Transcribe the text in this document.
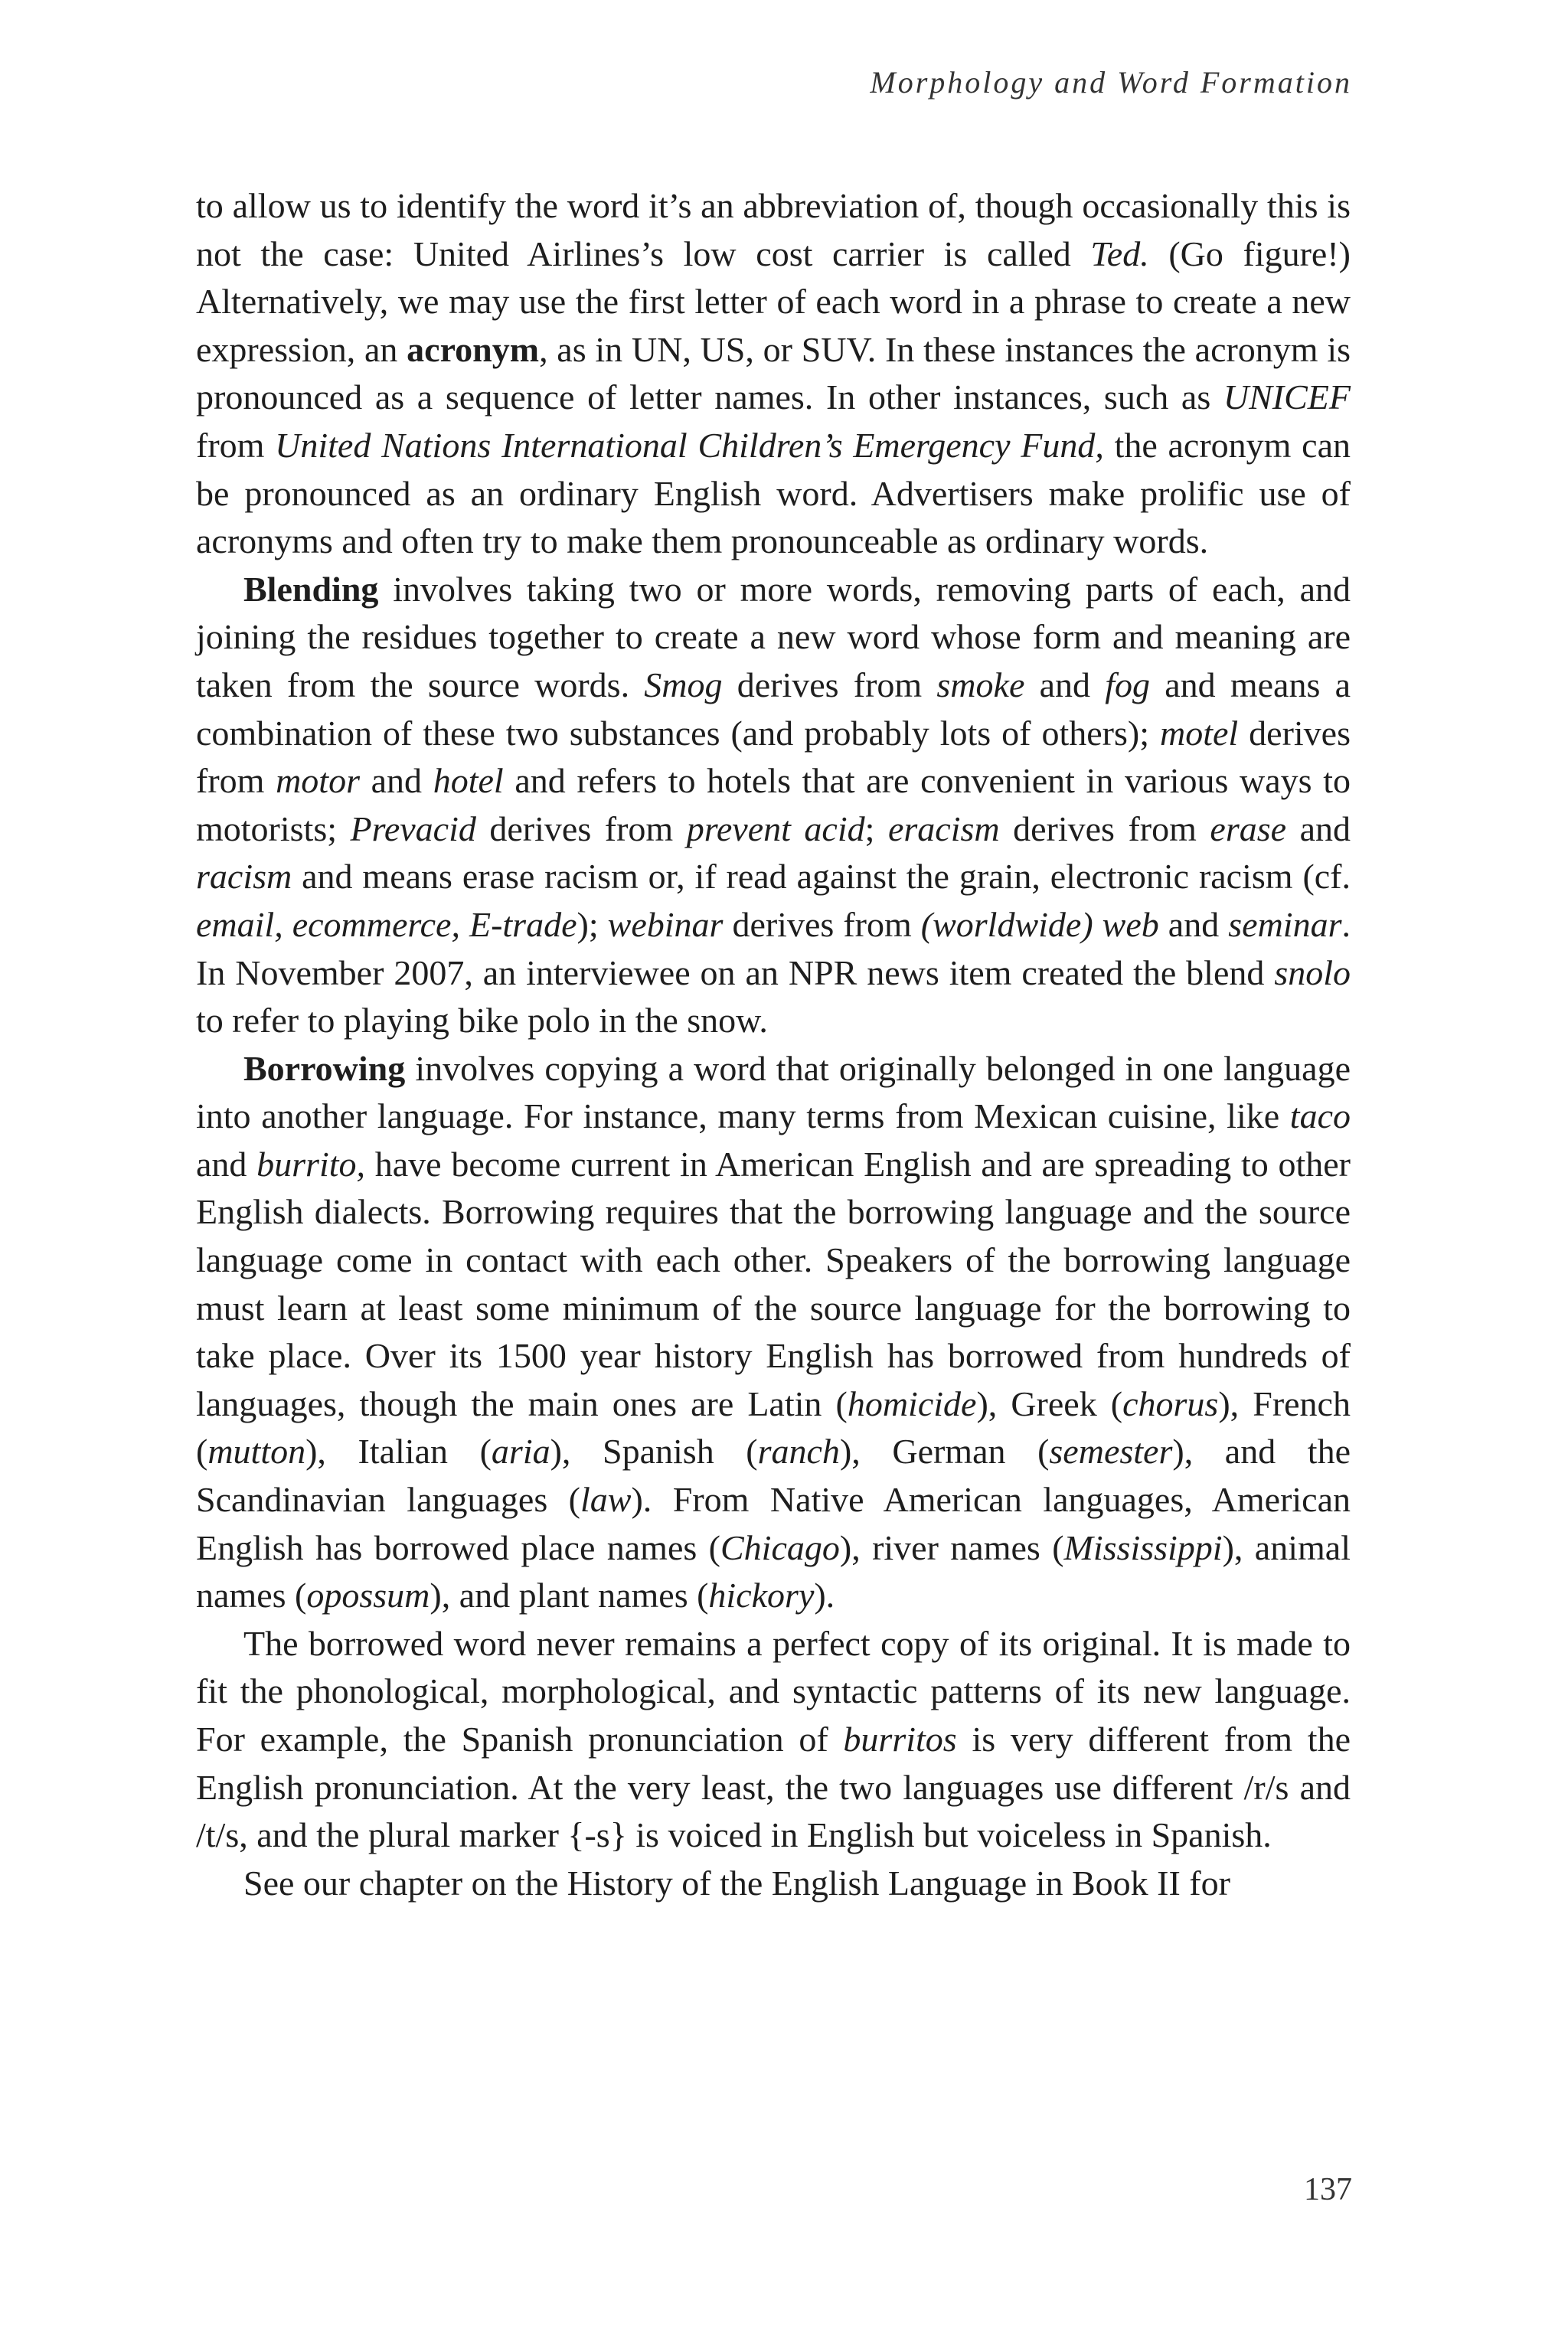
Morphology and Word Formation

to allow us to identify the word it’s an abbreviation of, though occasionally this is not the case: United Airlines’s low cost carrier is called Ted. (Go figure!) Alternatively, we may use the first letter of each word in a phrase to create a new expression, an acronym, as in UN, US, or SUV. In these instances the acronym is pronounced as a sequence of letter names. In other instances, such as UNICEF from United Nations International Children’s Emergency Fund, the acronym can be pronounced as an ordinary English word. Advertisers make prolific use of acronyms and often try to make them pronounceable as ordinary words.

Blending involves taking two or more words, removing parts of each, and joining the residues together to create a new word whose form and meaning are taken from the source words. Smog derives from smoke and fog and means a combination of these two substances (and probably lots of others); motel derives from motor and hotel and refers to hotels that are convenient in various ways to motorists; Prevacid derives from prevent acid; eracism derives from erase and racism and means erase racism or, if read against the grain, electronic racism (cf. email, ecommerce, E-trade); webinar derives from (worldwide) web and seminar. In November 2007, an interviewee on an NPR news item created the blend snolo to refer to playing bike polo in the snow.

Borrowing involves copying a word that originally belonged in one language into another language. For instance, many terms from Mexican cuisine, like taco and burrito, have become current in American English and are spreading to other English dialects. Borrowing requires that the borrowing language and the source language come in contact with each other. Speakers of the borrowing language must learn at least some minimum of the source language for the borrowing to take place. Over its 1500 year history English has borrowed from hundreds of languages, though the main ones are Latin (homicide), Greek (chorus), French (mutton), Italian (aria), Spanish (ranch), German (semester), and the Scandinavian languages (law). From Native American languages, American English has borrowed place names (Chicago), river names (Mississippi), animal names (opossum), and plant names (hickory).

The borrowed word never remains a perfect copy of its original. It is made to fit the phonological, morphological, and syntactic patterns of its new language. For example, the Spanish pronunciation of burritos is very different from the English pronunciation. At the very least, the two languages use different /r/s and /t/s, and the plural marker {-s} is voiced in English but voiceless in Spanish.

See our chapter on the History of the English Language in Book II for

137
